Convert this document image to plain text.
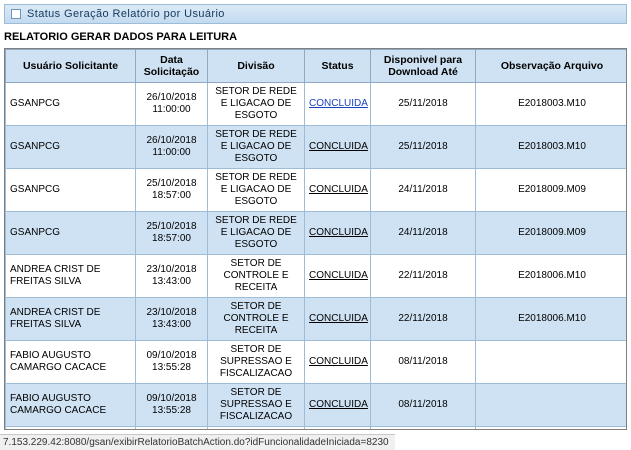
Status Geração Relatório por Usuário
RELATORIO GERAR DADOS PARA LEITURA
Usuário Solicitante	Data Solicitação	Divisão	Status	Disponivel para Download Até	Observação Arquivo
GSANPCG	26/10/2018 11:00:00	SETOR DE REDE E LIGACAO DE ESGOTO	CONCLUIDA	25/11/2018	E2018003.M10
GSANPCG	26/10/2018 11:00:00	SETOR DE REDE E LIGACAO DE ESGOTO	CONCLUIDA	25/11/2018	E2018003.M10
GSANPCG	25/10/2018 18:57:00	SETOR DE REDE E LIGACAO DE ESGOTO	CONCLUIDA	24/11/2018	E2018009.M09
GSANPCG	25/10/2018 18:57:00	SETOR DE REDE E LIGACAO DE ESGOTO	CONCLUIDA	24/11/2018	E2018009.M09
ANDREA CRIST DE FREITAS SILVA	23/10/2018 13:43:00	SETOR DE CONTROLE E RECEITA	CONCLUIDA	22/11/2018	E2018006.M10
ANDREA CRIST DE FREITAS SILVA	23/10/2018 13:43:00	SETOR DE CONTROLE E RECEITA	CONCLUIDA	22/11/2018	E2018006.M10
FABIO AUGUSTO CAMARGO CACACE	09/10/2018 13:55:28	SETOR DE SUPRESSAO E FISCALIZACAO	CONCLUIDA	08/11/2018	
FABIO AUGUSTO CAMARGO CACACE	09/10/2018 13:55:28	SETOR DE SUPRESSAO E FISCALIZACAO	CONCLUIDA	08/11/2018	

7.153.229.42:8080/gsan/exibirRelatorioBatchAction.do?idFuncionalidadeIniciada=8230
